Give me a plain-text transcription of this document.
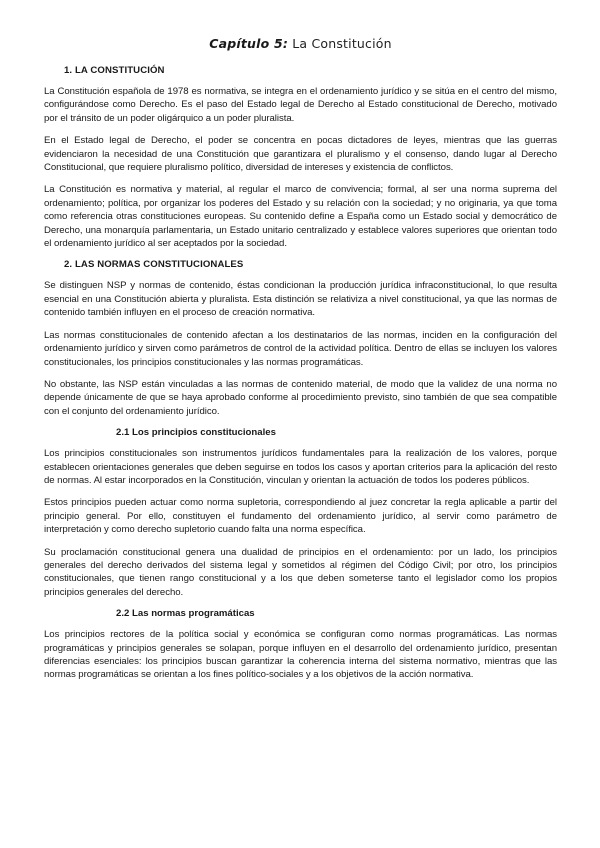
Capítulo 5: La Constitución
1. LA CONSTITUCIÓN

La Constitución española de 1978 es normativa, se integra en el ordenamiento jurídico y se sitúa en el centro del mismo, configurándose como Derecho. Es el paso del Estado legal de Derecho al Estado constitucional de Derecho, motivado por el tránsito de un poder oligárquico a un poder pluralista.

En el Estado legal de Derecho, el poder se concentra en pocas dictadores de leyes, mientras que las guerras evidenciaron la necesidad de una Constitución que garantizara el pluralismo y el consenso, dando lugar al Derecho Constitucional, que requiere pluralismo político, diversidad de intereses y existencia de conflictos.

La Constitución es normativa y material, al regular el marco de convivencia; formal, al ser una norma suprema del ordenamiento; política, por organizar los poderes del Estado y su relación con la sociedad; y no originaria, ya que toma como referencia otras constituciones europeas. Su contenido define a España como un Estado social y democrático de Derecho, una monarquía parlamentaria, un Estado unitario centralizado y establece valores superiores que orientan todo el ordenamiento jurídico al ser aceptados por la sociedad.

2. LAS NORMAS CONSTITUCIONALES

Se distinguen NSP y normas de contenido, éstas condicionan la producción jurídica infraconstitucional, lo que resulta esencial en una Constitución abierta y pluralista. Esta distinción se relativiza a nivel constitucional, ya que las normas de contenido también influyen en el proceso de creación normativa.

Las normas constitucionales de contenido afectan a los destinatarios de las normas, inciden en la configuración del ordenamiento jurídico y sirven como parámetros de control de la actividad política. Dentro de ellas se incluyen los valores constitucionales, los principios constitucionales y las normas programáticas.

No obstante, las NSP están vinculadas a las normas de contenido material, de modo que la validez de una norma no depende únicamente de que se haya aprobado conforme al procedimiento previsto, sino también de que sea compatible con el conjunto del ordenamiento jurídico.

2.1 Los principios constitucionales

Los principios constitucionales son instrumentos jurídicos fundamentales para la realización de los valores, porque establecen orientaciones generales que deben seguirse en todos los casos y aportan criterios para la aplicación del resto de normas. Al estar incorporados en la Constitución, vinculan y orientan la actuación de todos los poderes públicos.

Estos principios pueden actuar como norma supletoria, correspondiendo al juez concretar la regla aplicable a partir del principio general. Por ello, constituyen el fundamento del ordenamiento jurídico, al servir como parámetro de interpretación y como derecho supletorio cuando falta una norma específica.

Su proclamación constitucional genera una dualidad de principios en el ordenamiento: por un lado, los principios generales del derecho derivados del sistema legal y sometidos al régimen del Código Civil; por otro, los principios constitucionales, que tienen rango constitucional y a los que deben someterse tanto el legislador como los propios principios generales del derecho.

2.2 Las normas programáticas

Los principios rectores de la política social y económica se configuran como normas programáticas. Las normas programáticas y principios generales se solapan, porque influyen en el desarrollo del ordenamiento jurídico, presentan diferencias esenciales: los principios buscan garantizar la coherencia interna del sistema normativo, mientras que las normas programáticas se orientan a los fines político-sociales y a los objetivos de la acción normativa.
